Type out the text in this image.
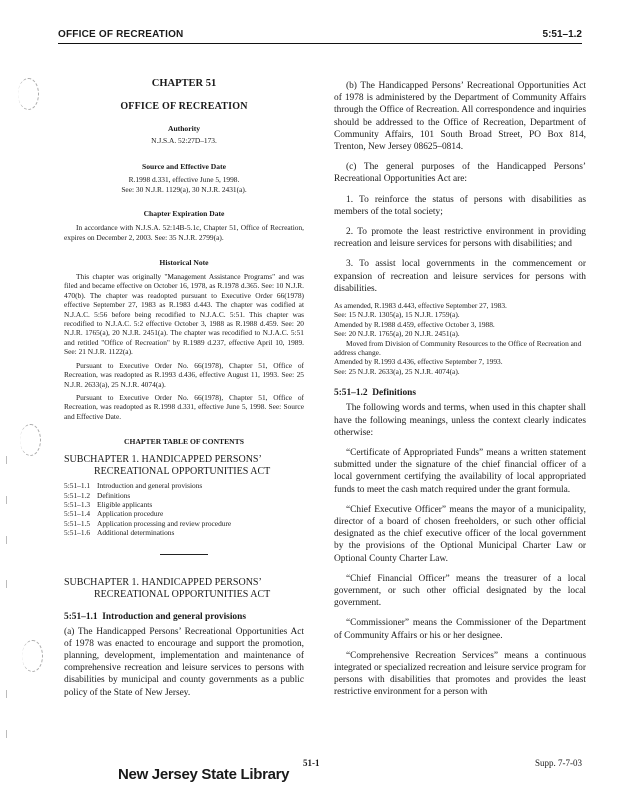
OFFICE OF RECREATION	5:51–1.2
CHAPTER 51
OFFICE OF RECREATION
Authority
N.J.S.A. 52:27D–173.
Source and Effective Date
R.1998 d.331, effective June 5, 1998.
See: 30 N.J.R. 1129(a), 30 N.J.R. 2431(a).
Chapter Expiration Date

In accordance with N.J.S.A. 52:14B-5.1c, Chapter 51, Office of Recreation, expires on December 2, 2003. See: 35 N.J.R. 2799(a).

Historical Note

This chapter was originally "Management Assistance Programs" and was filed and became effective on October 16, 1978, as R.1978 d.365. See: 10 N.J.R. 470(b). The chapter was readopted pursuant to Executive Order 66(1978) effective September 27, 1983 as R.1983 d.443. The chapter was codified at N.J.A.C. 5:56 before being recodified to N.J.A.C. 5:51. This chapter was recodified to N.J.A.C. 5:2 effective October 3, 1988 as R.1988 d.459. See: 20 N.J.R. 1765(a), 20 N.J.R. 2451(a). The chapter was recodified to N.J.A.C. 5:51 and retitled "Office of Recreation" by R.1989 d.237, effective April 10, 1989. See: 21 N.J.R. 1122(a).

Pursuant to Executive Order No. 66(1978), Chapter 51, Office of Recreation, was readopted as R.1993 d.436, effective August 11, 1993. See: 25 N.J.R. 2633(a), 25 N.J.R. 4074(a).

Pursuant to Executive Order No. 66(1978), Chapter 51, Office of Recreation, was readopted as R.1998 d.331, effective June 5, 1998. See: Source and Effective Date.

CHAPTER TABLE OF CONTENTS
SUBCHAPTER 1. HANDICAPPED PERSONS’
RECREATIONAL OPPORTUNITIES ACT
5:51–1.1 Introduction and general provisions
5:51–1.2 Definitions
5:51–1.3 Eligible applicants
5:51–1.4 Application procedure
5:51–1.5 Application processing and review procedure
5:51–1.6 Additional determinations
SUBCHAPTER 1. HANDICAPPED PERSONS’
RECREATIONAL OPPORTUNITIES ACT
5:51–1.1 Introduction and general provisions

(a) The Handicapped Persons’ Recreational Opportunities Act of 1978 was enacted to encourage and support the promotion, planning, development, implementation and maintenance of comprehensive recreation and leisure services to persons with disabilities by municipal and county governments as a public policy of the State of New Jersey.

(b) The Handicapped Persons’ Recreational Opportunities Act of 1978 is administered by the Department of Community Affairs through the Office of Recreation. All correspondence and inquiries should be addressed to the Office of Recreation, Department of Community Affairs, 101 South Broad Street, PO Box 814, Trenton, New Jersey 08625–0814.

(c) The general purposes of the Handicapped Persons’ Recreational Opportunities Act are:

1. To reinforce the status of persons with disabilities as members of the total society;

2. To promote the least restrictive environment in providing recreation and leisure services for persons with disabilities; and

3. To assist local governments in the commencement or expansion of recreation and leisure services for persons with disabilities.

As amended, R.1983 d.443, effective September 27, 1983.
See: 15 N.J.R. 1305(a), 15 N.J.R. 1759(a).
Amended by R.1988 d.459, effective October 3, 1988.
See: 20 N.J.R. 1765(a), 20 N.J.R. 2451(a).
Moved from Division of Community Resources to the Office of Recreation and address change.
Amended by R.1993 d.436, effective September 7, 1993.
See: 25 N.J.R. 2633(a), 25 N.J.R. 4074(a).
5:51–1.2 Definitions

The following words and terms, when used in this chapter shall have the following meanings, unless the context clearly indicates otherwise:

“Certificate of Appropriated Funds” means a written statement submitted under the signature of the chief financial officer of a local government certifying the availability of local appropriated funds to meet the cash match required under the grant formula.

“Chief Executive Officer” means the mayor of a municipality, director of a board of chosen freeholders, or such other official designated as the chief executive officer of the local government by the provisions of the Optional Municipal Charter Law or Optional County Charter Law.

“Chief Financial Officer” means the treasurer of a local government, or such other official designated by the local government.

“Commissioner” means the Commissioner of the Department of Community Affairs or his or her designee.

“Comprehensive Recreation Services” means a continuous integrated or specialized recreation and leisure service program for persons with disabilities that promotes and provides the least restrictive environment for a person with

51-1	Supp. 7-7-03
New Jersey State Library
